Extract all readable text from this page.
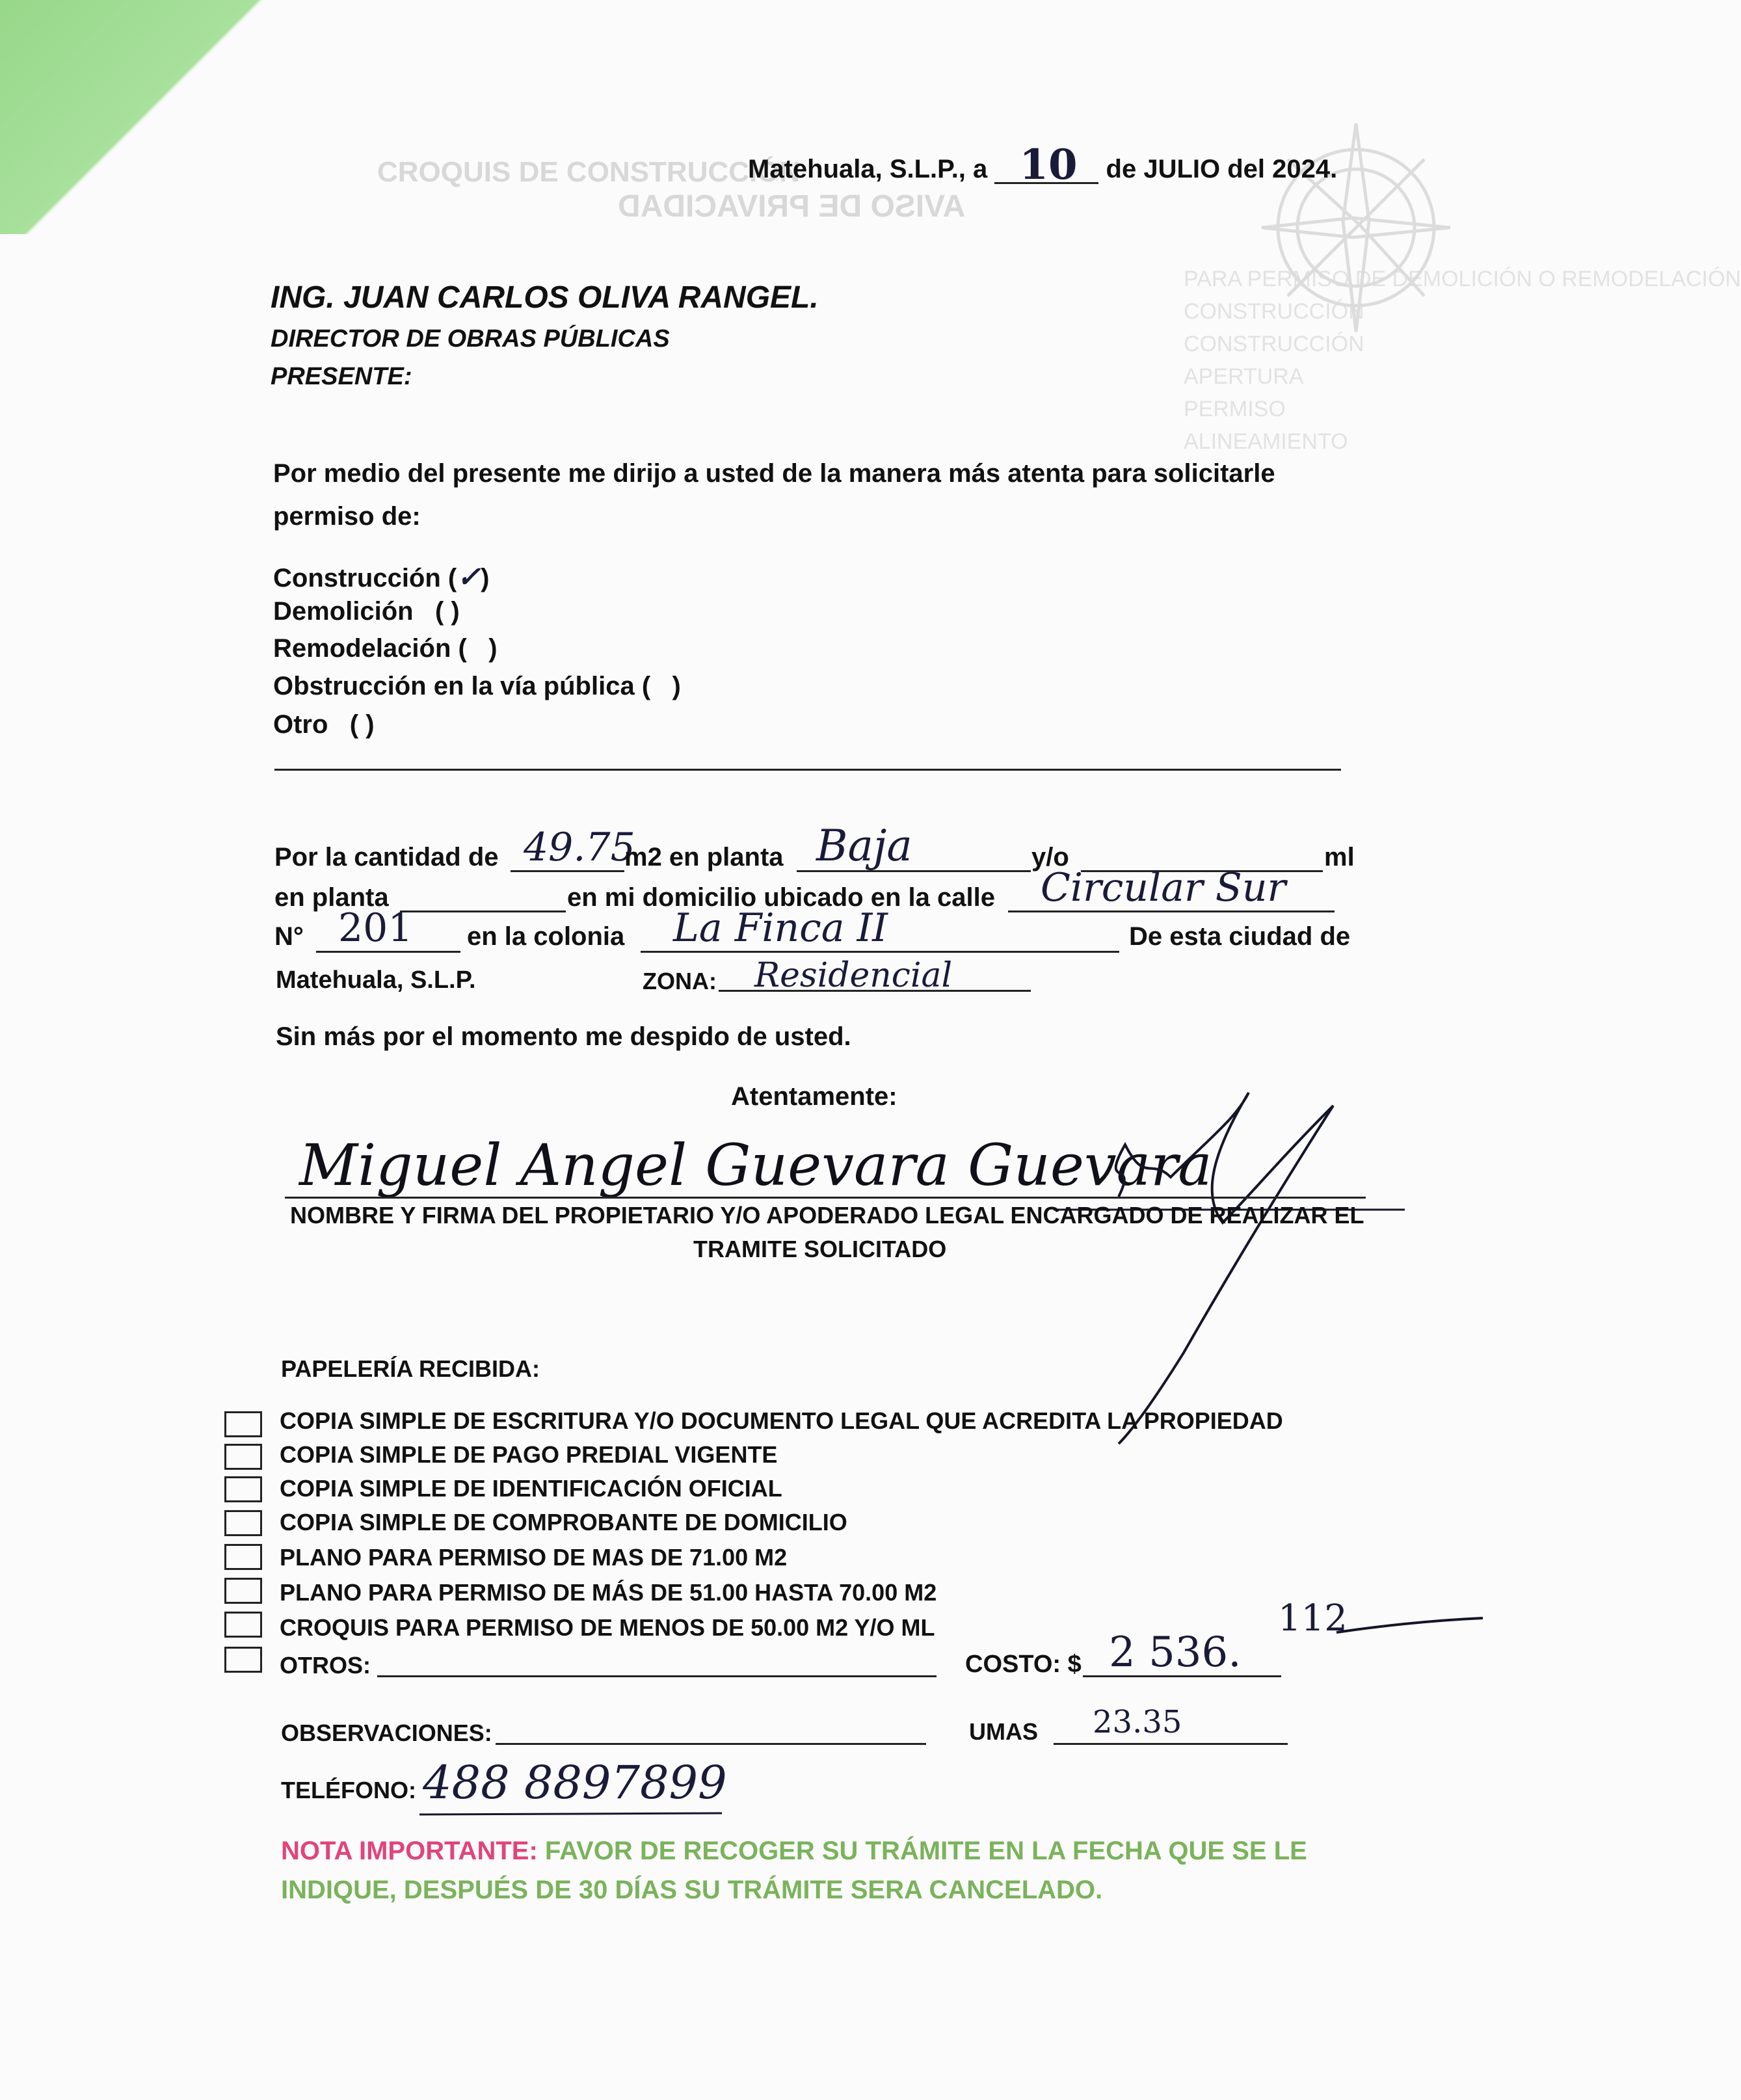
CROQUIS DE CONSTRUCCIÓN
AVISO DE PRIVACIDAD
PARA PERMISO DE DEMOLICIÓN O REMODELACIÓN
CONSTRUCCIÓN
CONSTRUCCIÓN
APERTURA
PERMISO
ALINEAMIENTO
Matehuala, S.L.P., a 10 de JULIO del 2024.
ING. JUAN CARLOS OLIVA RANGEL.
DIRECTOR DE OBRAS PÚBLICAS
PRESENTE:
Por medio del presente me dirijo a usted de la manera más atenta para solicitarle
permiso de:
Construcción (✓)
Demolición ( )
Remodelación ( )
Obstrucción en la vía pública ( )
Otro ( )
Por la cantidad de 49.75
m2 en planta Baja	y/o	ml
en planta	en mi domicilio ubicado en la calle Circular Sur
N° 201 en la colonia La Finca II	De esta ciudad de
Matehuala, S.L.P.	ZONA: Residencial
Sin más por el momento me despido de usted.
Atentamente:
Miguel Angel Guevara Guevara
NOMBRE Y FIRMA DEL PROPIETARIO Y/O APODERADO LEGAL ENCARGADO DE REALIZAR EL
TRAMITE SOLICITADO
PAPELERÍA RECIBIDA:
COPIA SIMPLE DE ESCRITURA Y/O DOCUMENTO LEGAL QUE ACREDITA LA PROPIEDAD
COPIA SIMPLE DE PAGO PREDIAL VIGENTE
COPIA SIMPLE DE IDENTIFICACIÓN OFICIAL
COPIA SIMPLE DE COMPROBANTE DE DOMICILIO
PLANO PARA PERMISO DE MAS DE 71.00 M2
PLANO PARA PERMISO DE MÁS DE 51.00 HASTA 70.00 M2
CROQUIS PARA PERMISO DE MENOS DE 50.00 M2 Y/O ML	112
OTROS:	COSTO: $ 2 536.
OBSERVACIONES:	UMAS 23.35
TELÉFONO: 488 8897899
NOTA IMPORTANTE: FAVOR DE RECOGER SU TRÁMITE EN LA FECHA QUE SE LE
INDIQUE, DESPUÉS DE 30 DÍAS SU TRÁMITE SERA CANCELADO.
